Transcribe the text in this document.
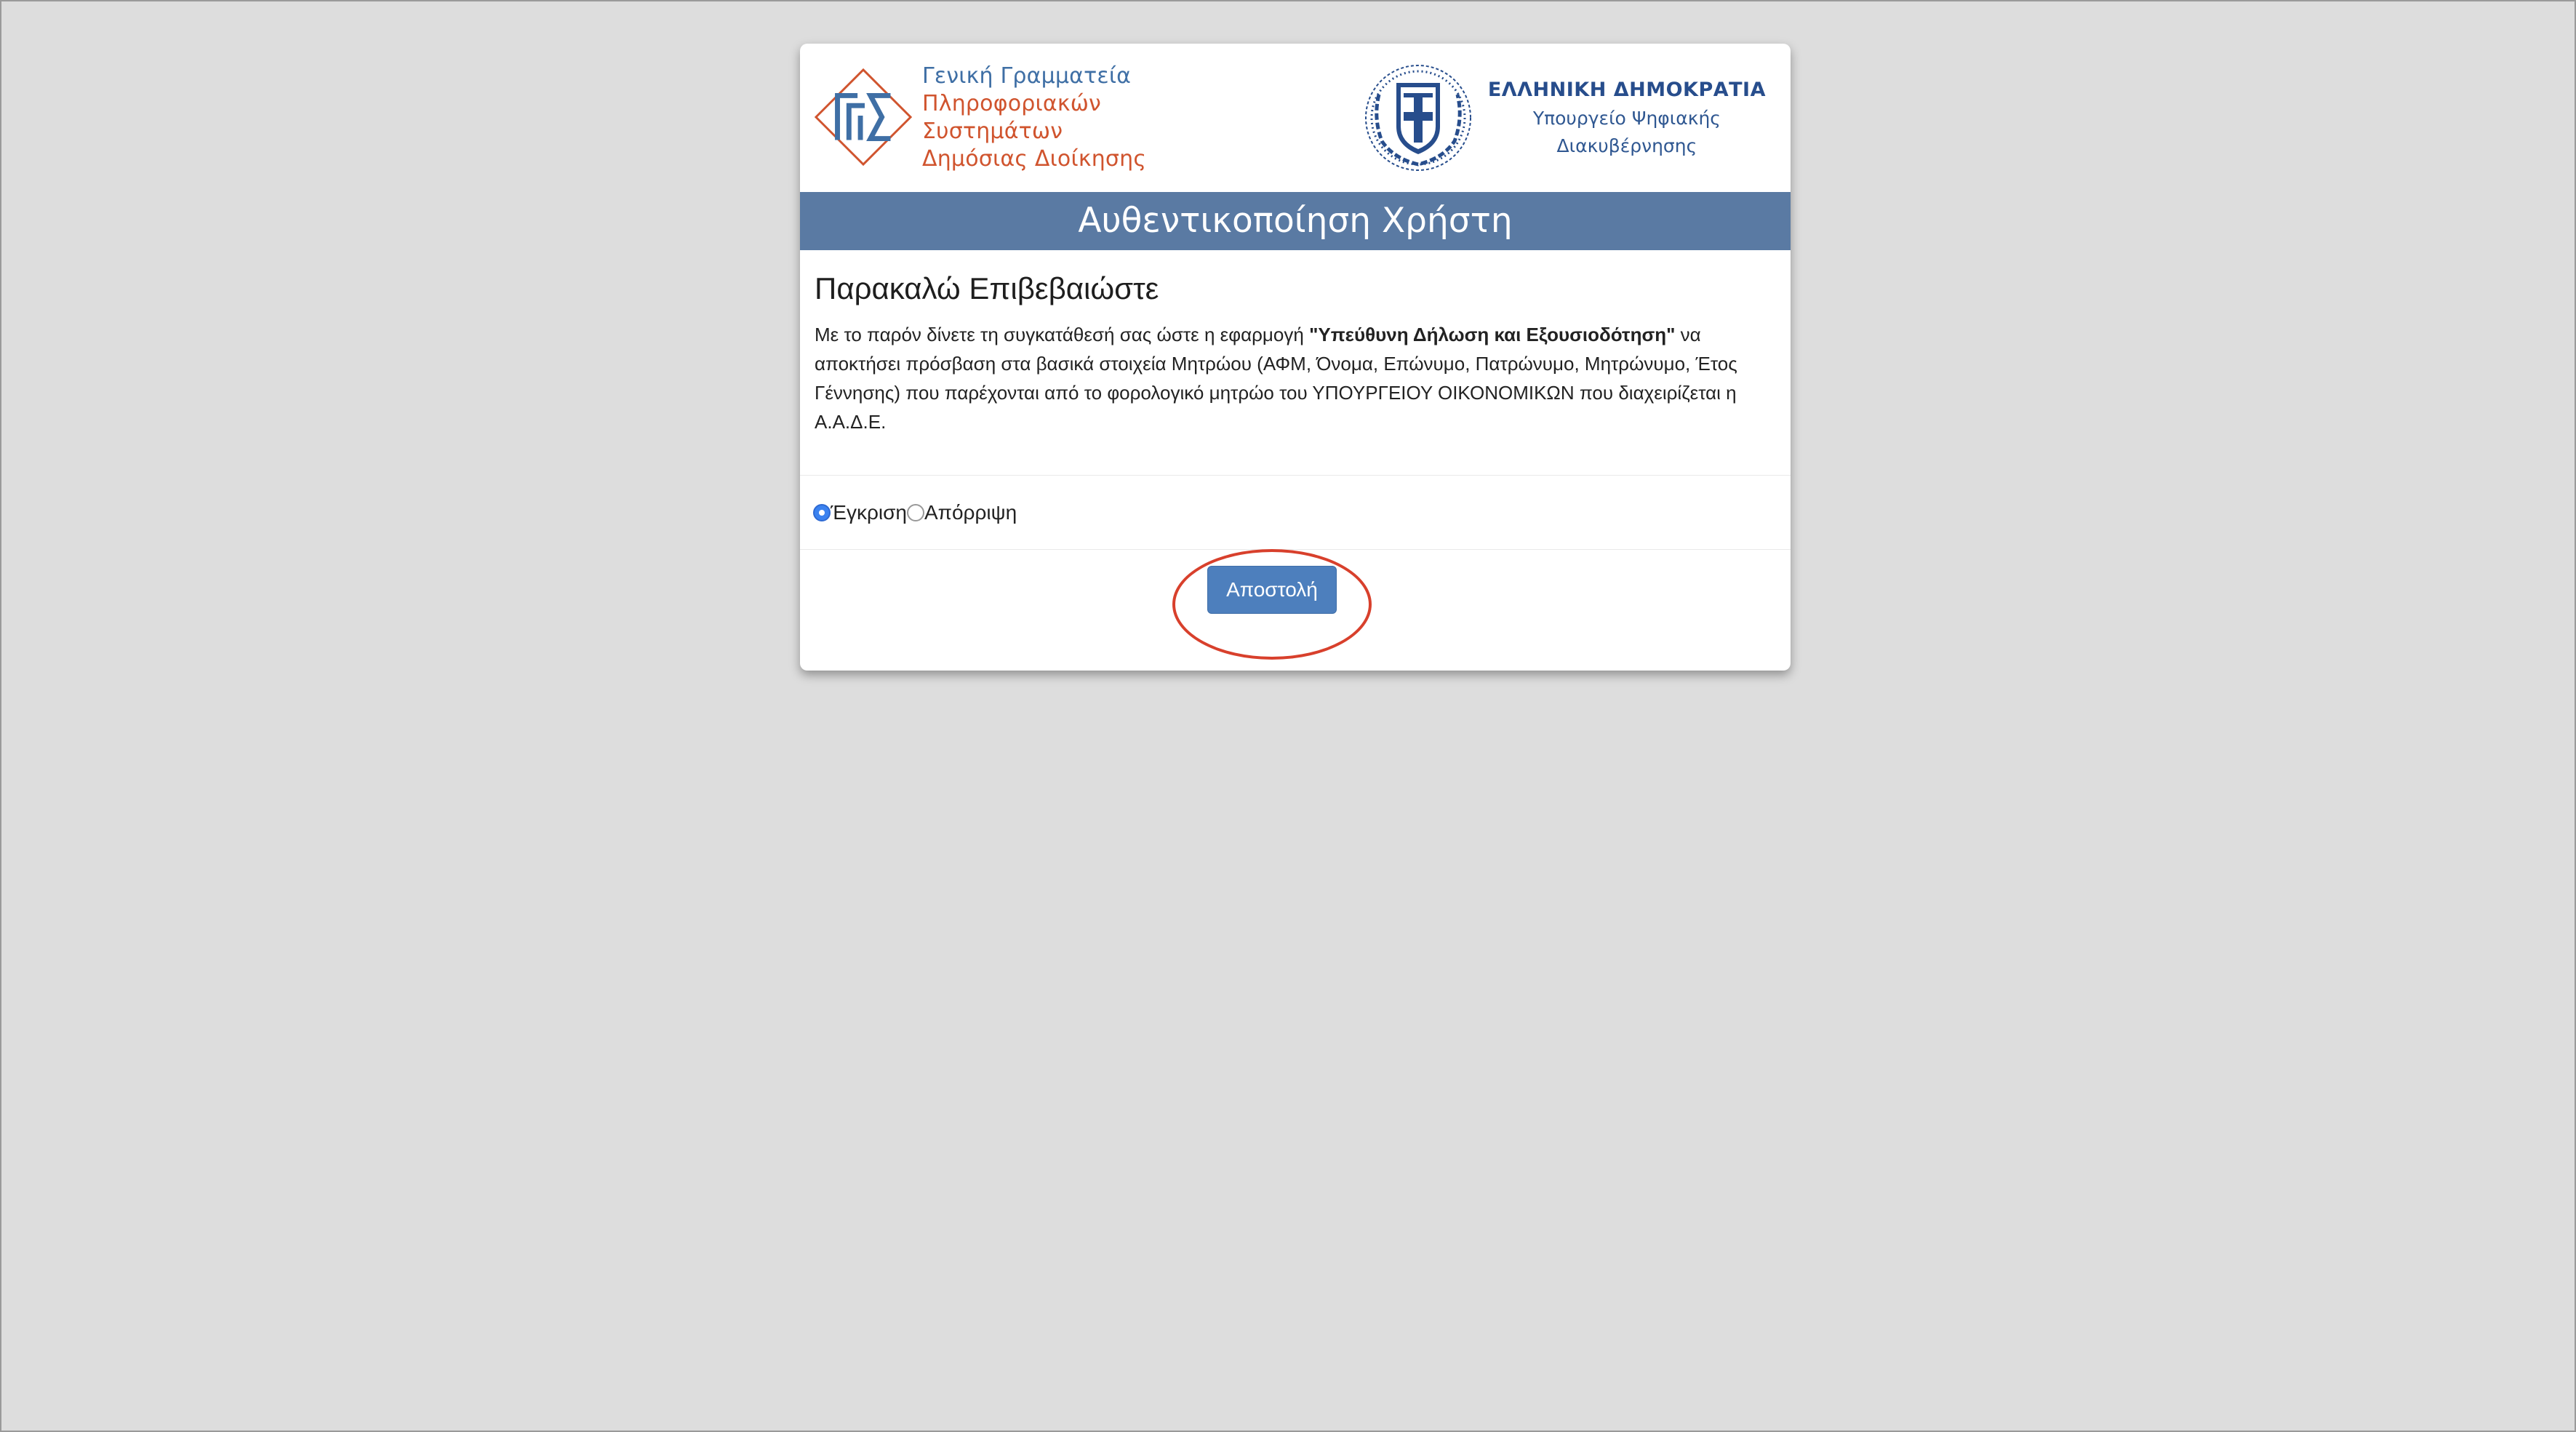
Γενική Γραμματεία
Πληροφοριακών
Συστημάτων
Δημόσιας Διοίκησης
ΕΛΛΗΝΙΚΗ ΔΗΜΟΚΡΑΤΙΑ
Υπουργείο Ψηφιακής
Διακυβέρνησης
Αυθεντικοποίηση Χρήστη
Παρακαλώ Επιβεβαιώστε

Με το παρόν δίνετε τη συγκατάθεσή σας ώστε η εφαρμογή "Υπεύθυνη Δήλωση και Εξουσιοδότηση" να αποκτήσει πρόσβαση στα βασικά στοιχεία Μητρώου (ΑΦΜ, Όνομα, Επώνυμο, Πατρώνυμο, Μητρώνυμο, Έτος Γέννησης) που παρέχονται από το φορολογικό μητρώο του ΥΠΟΥΡΓΕΙΟΥ ΟΙΚΟΝΟΜΙΚΩΝ που διαχειρίζεται η Α.Α.Δ.Ε.

Έγκριση Απόρριψη
Αποστολή
